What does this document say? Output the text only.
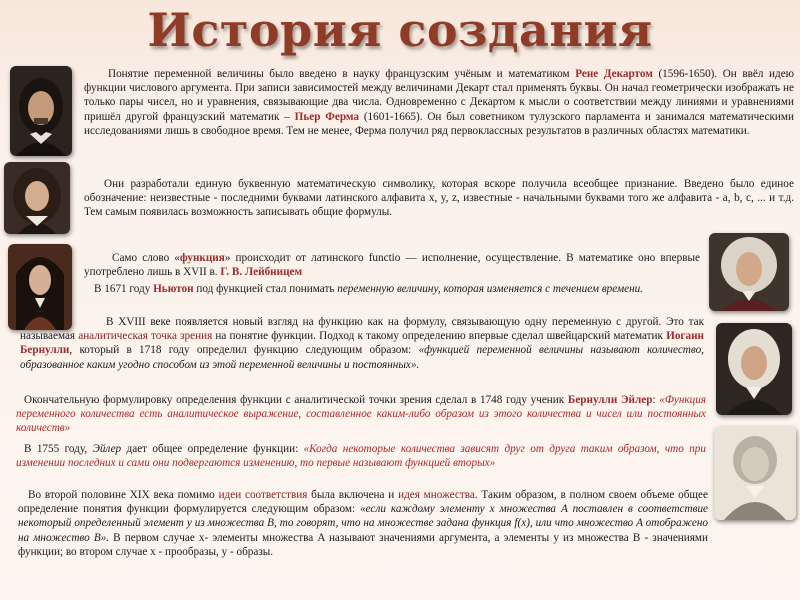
История создания
Понятие переменной величины было введено в науку французским учёным и математиком Рене Декартом (1596-1650). Он ввёл идею функции числового аргумента. При записи зависимостей между величинами Декарт стал применять буквы. Он начал геометрически изображать не только пары чисел, но и уравнения, связывающие два числа. Одновременно с Декартом к мысли о соответствии между линиями и уравнениями пришёл другой французский математик – Пьер Ферма (1601-1665). Он был советником тулузского парламента и занимался математическими исследованиями лишь в свободное время. Тем не менее, Ферма получил ряд первоклассных результатов в различных областях математики.
Они разработали единую буквенную математическую символику, которая вскоре получила всеобщее признание. Введено было единое обозначение: неизвестные - последними буквами латинского алфавита x, y, z, известные - начальными буквами того же алфавита - a, b, c, ... и т.д. Тем самым появилась возможность записывать общие формулы.
Само слово «функция» происходит от латинского functio — исполнение, осуществление. В математике оно впервые употреблено лишь в XVII в. Г. В. Лейбницем
В 1671 году Ньютон под функцией стал понимать переменную величину, которая изменяется с течением времени.
В XVIII веке появляется новый взгляд на функцию как на формулу, связывающую одну переменную с другой. Это так называемая аналитическая точка зрения на понятие функции. Подход к такому определению впервые сделал швейцарский математик Иоганн Бернулли, который в 1718 году определил функцию следующим образом: «функцией переменной величины называют количество, образованное каким угодно способом из этой переменной величины и постоянных».
Окончательную формулировку определения функции с аналитической точки зрения сделал в 1748 году ученик Бернулли Эйлер: «Функция переменного количества есть аналитическое выражение, составленное каким-либо образом из этого количества и чисел или постоянных количеств»
В 1755 году, Эйлер дает общее определение функции: «Когда некоторые количества зависят друг от друга таким образом, что при изменении последних и сами они подвергаются изменению, то первые называют функцией вторых»
Во второй половине XIX века помимо идеи соответствия была включена и идея множества. Таким образом, в полном своем объеме общее определение понятия функции формулируется следующим образом: «если каждому элементу x множества A поставлен в соответствие некоторый определенный элемент y из множества B, то говорят, что на множестве задана функция f(x), или что множество A отображено на множество B». В первом случае x- элементы множества A называют значениями аргумента, а элементы y из множества B - значениями функции; во втором случае x - прообразы, y - образы.
